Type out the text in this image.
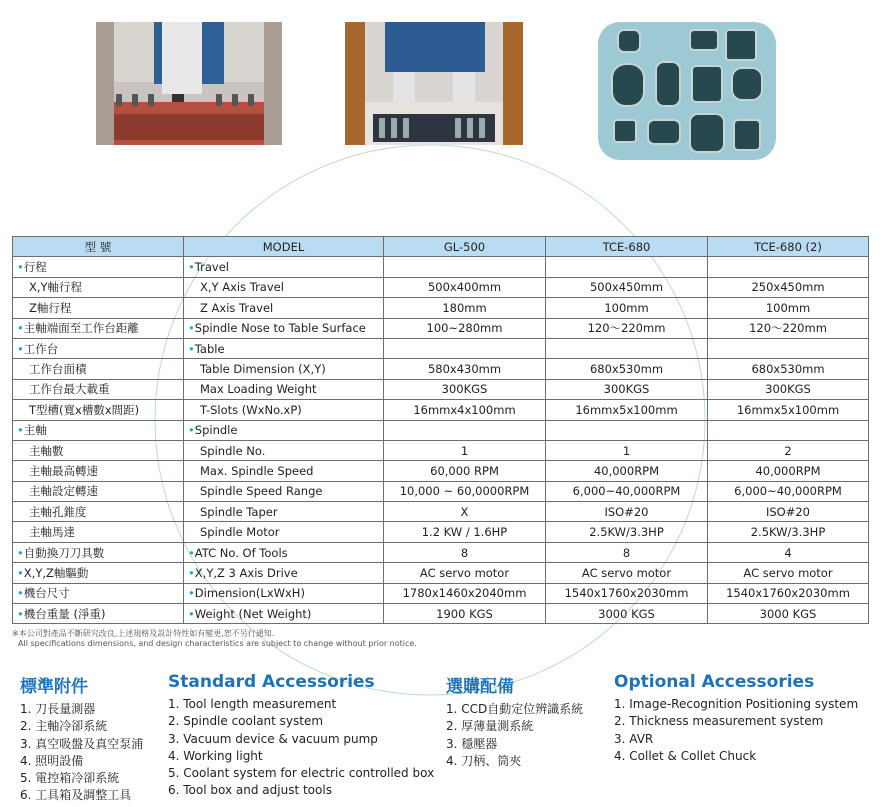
型 號	MODEL	GL-500	TCE-680	TCE-680 (2)
•行程	•Travel			
X,Y軸行程	X,Y Axis Travel	500x400mm	500x450mm	250x450mm
Z軸行程	Z Axis Travel	180mm	100mm	100mm
•主軸端面至工作台距離	•Spindle Nose to Table Surface	100~280mm	120～220mm	120～220mm
•工作台	•Table			
工作台面積	Table Dimension (X,Y)	580x430mm	680x530mm	680x530mm
工作台最大載重	Max Loading Weight	300KGS	300KGS	300KGS
T型槽(寬x槽數x間距)	T-Slots (WxNo.xP)	16mmx4x100mm	16mmx5x100mm	16mmx5x100mm
•主軸	•Spindle			
主軸數	Spindle No.	1	1	2
主軸最高轉速	Max. Spindle Speed	60,000 RPM	40,000RPM	40,000RPM
主軸設定轉速	Spindle Speed Range	10,000 ~ 60,0000RPM	6,000~40,000RPM	6,000~40,000RPM
主軸孔錐度	Spindle Taper	X	ISO#20	ISO#20
主軸馬達	Spindle Motor	1.2 KW / 1.6HP	2.5KW/3.3HP	2.5KW/3.3HP
•自動換刀刀具數	•ATC No. Of Tools	8	8	4
•X,Y,Z軸驅動	•X,Y,Z 3 Axis Drive	AC servo motor	AC servo motor	AC servo motor
•機台尺寸	•Dimension(LxWxH)	1780x1460x2040mm	1540x1760x2030mm	1540x1760x2030mm
•機台重量 (淨重)	•Weight (Net Weight)	1900 KGS	3000 KGS	3000 KGS
※本公司對產品不斷研究改良,上述規格及設計特性如有變更,恕不另行通知.
All specifications dimensions, and design characteristics are subject to change without prior notice.
標準附件
1. 刀長量測器
2. 主軸冷卻系統
3. 真空吸盤及真空泵浦
4. 照明設備
5. 電控箱冷卻系統
6. 工具箱及調整工具
Standard Accessories
1. Tool length measurement
2. Spindle coolant system
3. Vacuum device & vacuum pump
4. Working light
5. Coolant system for electric controlled box
6. Tool box and adjust tools
選購配備
1. CCD自動定位辨識系統
2. 厚薄量測系統
3. 穩壓器
4. 刀柄、筒夾
Optional Accessories
1. Image-Recognition Positioning system
2. Thickness measurement system
3. AVR
4. Collet & Collet Chuck
